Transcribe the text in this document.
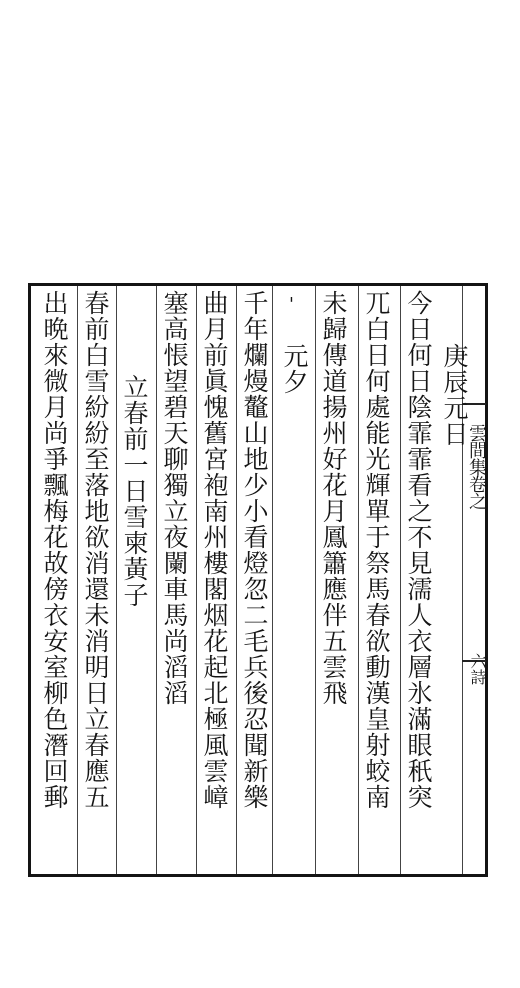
雲間集卷之
六詩
庚辰元日
今日何日陰霏霏看之不見濡人衣層氷滿眼秖突
兀白日何處能光輝單于祭馬春欲動漢皇射蛟南
未歸傳道揚州好花月鳳簫應伴五雲飛
'
元夕
千年爛熳鼇山地少小看燈忽二毛兵後忍聞新樂
曲月前眞愧舊宮袍南州樓閣烟花起北極風雲嶂
塞高悵望碧天聊獨立夜闌車馬尚滔滔
立春前一日雪柬黃子
春前白雪紛紛至落地欲消還未消明日立春應五
出晩來微月尚爭飄梅花故傍衣安室柳色潛回郵
